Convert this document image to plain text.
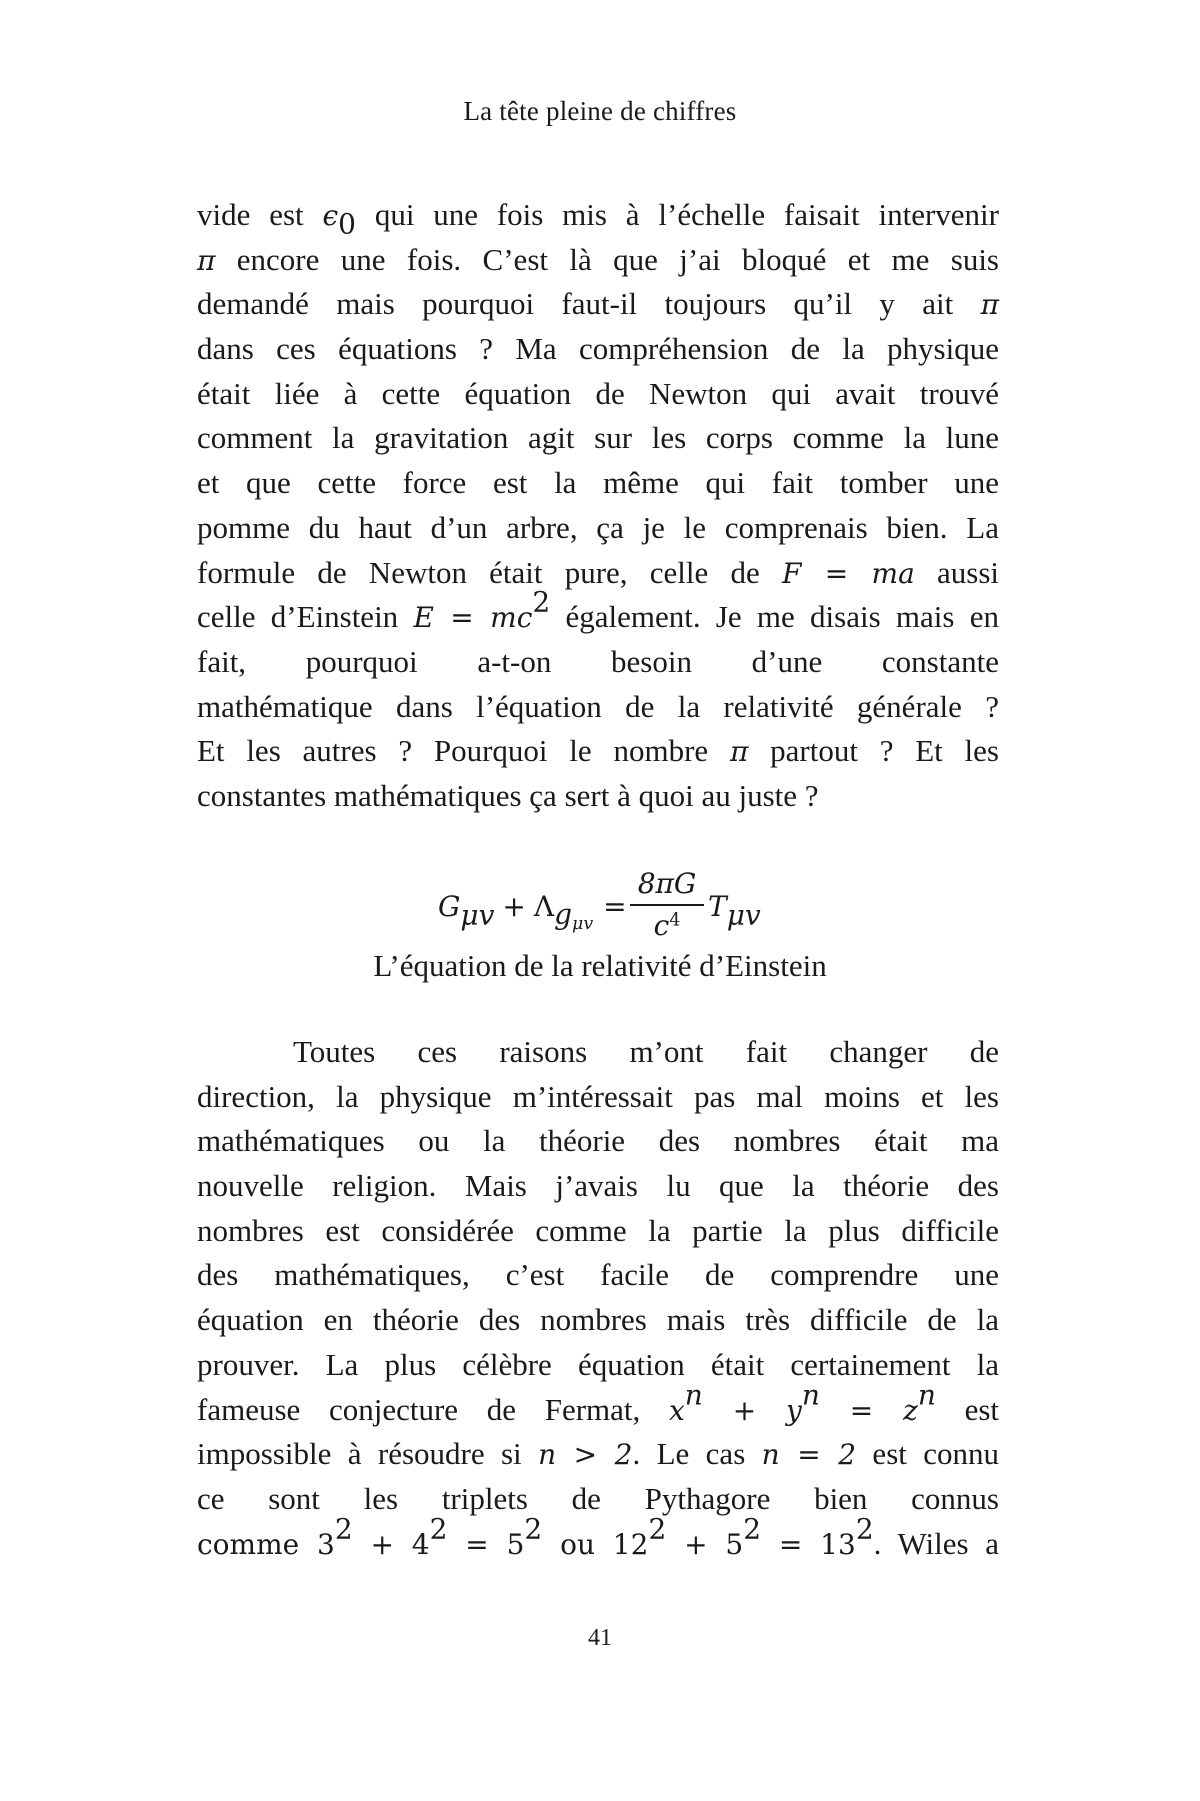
La tête pleine de chiffres
vide est $\epsilon_0$ qui une fois mis à l’échelle faisait intervenir
π encore une fois. C’est là que j’ai bloqué et me suis
demandé mais pourquoi faut-il toujours qu’il y ait π
dans ces équations ? Ma compréhension de la physique
était liée à cette équation de Newton qui avait trouvé
comment la gravitation agit sur les corps comme la lune
et que cette force est la même qui fait tomber une
pomme du haut d’un arbre, ça je le comprenais bien. La
formule de Newton était pure, celle de F = ma aussi
celle d’Einstein $E = mc^2$ également. Je me disais mais en
fait, pourquoi a-t-on besoin d’une constante
mathématique dans l’équation de la relativité générale ?
Et les autres ? Pourquoi le nombre π partout ? Et les
constantes mathématiques ça sert à quoi au juste ?
$G_{\mu v} + \Lambda_{g_{\mu v}}=$
8πG
$c^4$ $T_{\mu v}$
L’équation de la relativité d’Einstein
Toutes ces raisons m’ont fait changer de
direction, la physique m’intéressait pas mal moins et les
mathématiques ou la théorie des nombres était ma
nouvelle religion. Mais j’avais lu que la théorie des
nombres est considérée comme la partie la plus difficile
des mathématiques, c’est facile de comprendre une
équation en théorie des nombres mais très difficile de la
prouver. La plus célèbre équation était certainement la
fameuse conjecture de Fermat, $x^n + y^n = z^n$ est
impossible à résoudre si n > 2. Le cas n = 2 est connu
ce sont les triplets de Pythagore bien connus
comme $3^2 + 4^2 = 5^2$ ou $12^2 + 5^2 = 13^2$. Wiles a
41
